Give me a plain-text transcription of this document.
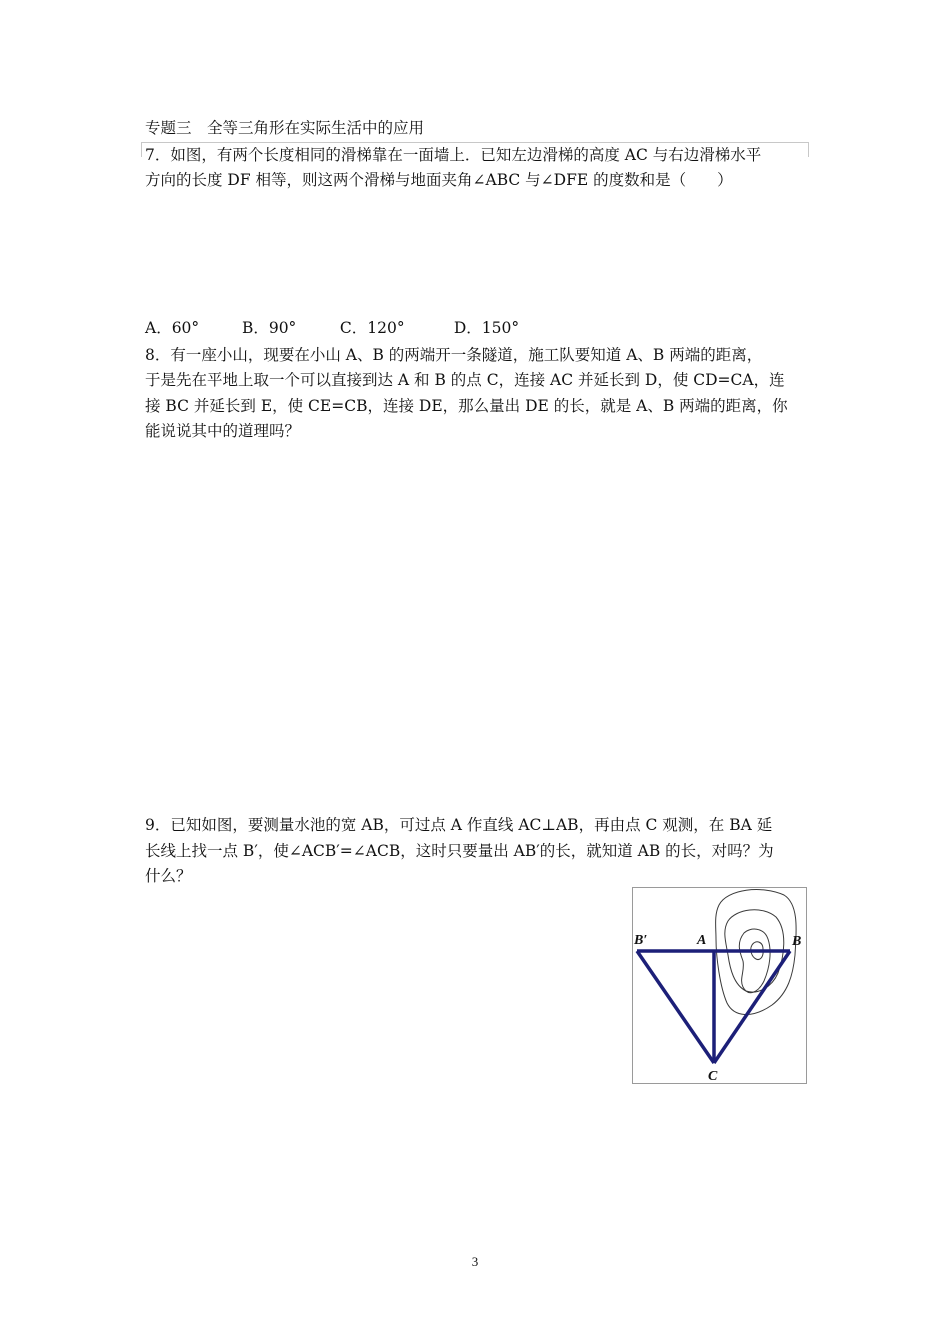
专题三　全等三角形在实际生活中的应用
7．如图，有两个长度相同的滑梯靠在一面墙上．已知左边滑梯的高度 AC 与右边滑梯水平
方向的长度 DF 相等，则这两个滑梯与地面夹角∠ABC 与∠DFE 的度数和是（　　）
A．60°	B．90°	C．120°	D．150°
8．有一座小山，现要在小山 A、B 的两端开一条隧道，施工队要知道 A、B 两端的距离，
于是先在平地上取一个可以直接到达 A 和 B 的点 C，连接 AC 并延长到 D，使 CD=CA，连
接 BC 并延长到 E，使 CE=CB，连接 DE，那么量出 DE 的长，就是 A、B 两端的距离，你
能说说其中的道理吗？
9．已知如图，要测量水池的宽 AB，可过点 A 作直线 AC⊥AB，再由点 C 观测，在 BA 延
长线上找一点 B′，使∠ACB′=∠ACB，这时只要量出 AB′的长，就知道 AB 的长，对吗？为
什么？
B′	A	B
C
3
